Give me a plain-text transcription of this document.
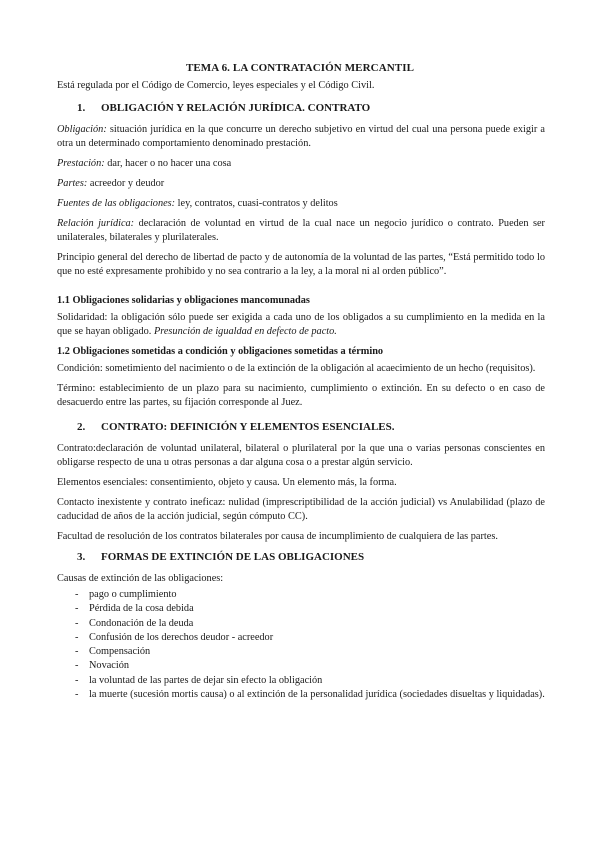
TEMA 6. LA CONTRATACIÓN MERCANTIL

Está regulada por el Código de Comercio, leyes especiales y el Código Civil.

1.	OBLIGACIÓN Y RELACIÓN JURÍDICA. CONTRATO

Obligación: situación jurídica en la que concurre un derecho subjetivo en virtud del cual una persona puede exigir a otra un determinado comportamiento denominado prestación.

Prestación: dar, hacer o no hacer una cosa

Partes: acreedor y deudor

Fuentes de las obligaciones: ley, contratos, cuasi-contratos y delitos

Relación jurídica: declaración de voluntad en virtud de la cual nace un negocio jurídico o contrato. Pueden ser unilaterales, bilaterales y plurilaterales.

Principio general del derecho de libertad de pacto y de autonomía de la voluntad de las partes, “Está permitido todo lo que no esté expresamente prohibido y no sea contrario a la ley, a la moral ni al orden público”.

1.1 Obligaciones solidarias y obligaciones mancomunadas

Solidaridad: la obligación sólo puede ser exigida a cada uno de los obligados a su cumplimiento en la medida en la que se hayan obligado. Presunción de igualdad en defecto de pacto.

1.2 Obligaciones sometidas a condición y obligaciones sometidas a término

Condición: sometimiento del nacimiento o de la extinción de la obligación al acaecimiento de un hecho (requisitos).

Término: establecimiento de un plazo para su nacimiento, cumplimiento o extinción. En su defecto o en caso de desacuerdo entre las partes, su fijación corresponde al Juez.

2.	CONTRATO: DEFINICIÓN Y ELEMENTOS ESENCIALES.

Contrato:declaración de voluntad unilateral, bilateral o plurilateral por la que una o varias personas conscientes en obligarse respecto de una u otras personas a dar alguna cosa o a prestar algún servicio.

Elementos esenciales: consentimiento, objeto y causa. Un elemento más, la forma.

Contacto inexistente y contrato ineficaz: nulidad (imprescriptibilidad de la acción judicial) vs Anulabilidad (plazo de caducidad de años de la acción judicial, según cómputo CC).

Facultad de resolución de los contratos bilaterales por causa de incumplimiento de cualquiera de las partes.

3.	FORMAS DE EXTINCIÓN DE LAS OBLIGACIONES

Causas de extinción de las obligaciones:

- pago o cumplimiento
- Pérdida de la cosa debida
- Condonación de la deuda
- Confusión de los derechos deudor - acreedor
- Compensación
- Novación
- la voluntad de las partes de dejar sin efecto la obligación
- la muerte (sucesión mortis causa) o al extinción de la personalidad jurídica (sociedades disueltas y liquidadas).
